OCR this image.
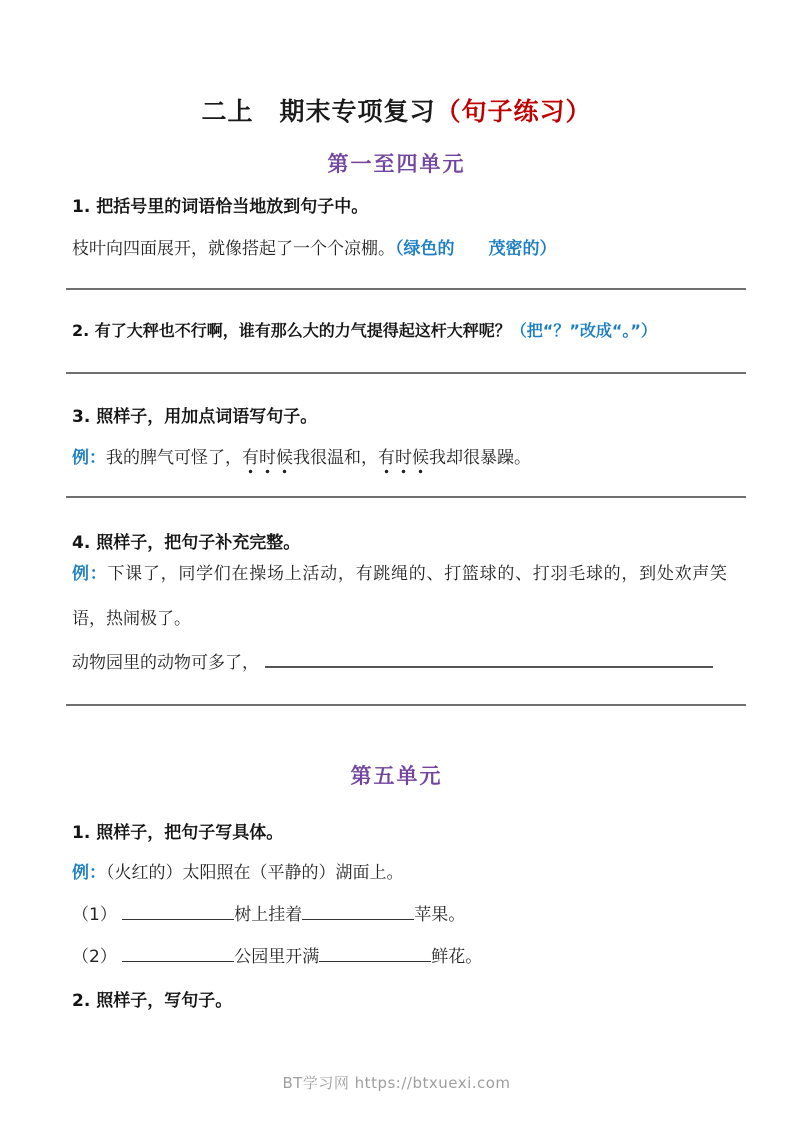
二上　期末专项复习（句子练习）
第一至四单元
1. 把括号里的词语恰当地放到句子中。
枝叶向四面展开，就像搭起了一个个凉棚。（绿色的　　茂密的）
2. 有了大秤也不行啊，谁有那么大的力气提得起这杆大秤呢？（把“？”改成“。”）
3. 照样子，用加点词语写句子。
例：我的脾气可怪了，有时候我很温和，有时候我却很暴躁。
4. 照样子，把句子补充完整。
例：下课了，同学们在操场上活动，有跳绳的、打篮球的、打羽毛球的，到处欢声笑语，热闹极了。
动物园里的动物可多了，
第五单元
1. 照样子，把句子写具体。
例：（火红的）太阳照在（平静的）湖面上。
（1）	树上挂着	苹果。
（2）	公园里开满	鲜花。
2. 照样子，写句子。
BT学习网 https://btxuexi.com
